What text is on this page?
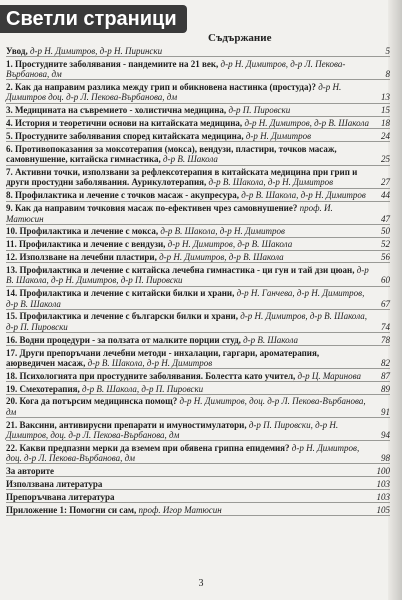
Светли страници
Съдържание
Увод, д-р Н. Димитров, д-р Н. Пирински	5
1. Простудните заболявания - пандемиите на 21 век, д-р Н. Димитров, д-р Л. Пекова-Върбанова, дм	8
2. Как да направим разлика между грип и обикновена настинка (простуда)? д-р Н. Димитров доц. д-р Л. Пекова-Върбанова, дм	13
3. Медицината на съвремието - холистична медицина, д-р П. Пировски	15
4. История и теоретични основи на китайската медицина, д-р Н. Димитров, д-р В. Шакола	18
5. Простудните заболявания според китайската медицина, д-р Н. Димитров	24
6. Противопоказания за моксотерапия (мокса), вендузи, пластири, точков масаж, самовнушение, китайска гимнастика, д-р В. Шакола	25
7. Активни точки, използвани за рефлексотерапия в китайската медицина при грип и други простудни заболявания. Аурикулотерапия, д-р В. Шакола, д-р Н. Димитров	27
8. Профилактика и лечение с точков масаж - акупресура, д-р В. Шакола, д-р Н. Димитров	44
9. Как да направим точковия масаж по-ефективен чрез самовнушение? проф. И. Матюсин	47
10. Профилактика и лечение с мокса, д-р В. Шакола, д-р Н. Димитров	50
11. Профилактика и лечение с вендузи, д-р Н. Димитров, д-р В. Шакола	52
12. Използване на лечебни пластири, д-р Н. Димитров, д-р В. Шакола	56
13. Профилактика и лечение с китайска лечебна гимнастика - ци гун и тай дзи цюан, д-р В. Шакола, д-р Н. Димитров, д-р П. Пировски	60
14. Профилактика и лечение с китайски билки и храни, д-р Н. Ганчева, д-р Н. Димитров, д-р В. Шакола	67
15. Профилактика и лечение с български билки и храни, д-р Н. Димитров, д-р В. Шакола, д-р П. Пировски	74
16. Водни процедури - за ползата от малките порции студ, д-р В. Шакола	78
17. Други препоръчани лечебни методи - инхалации, гаргари, ароматерапия, аюрведичен масаж, д-р В. Шакола, д-р Н. Димитров	82
18. Психологията при простудните заболявания. Болестта като учител, д-р Ц. Маринова	87
19. Смехотерапия, д-р В. Шакола, д-р П. Пировски	89
20. Кога да потърсим медицинска помощ? д-р Н. Димитров, доц. д-р Л. Пекова-Върбанова, дм	91
21. Ваксини, антивирусни препарати и имуностимулатори, д-р П. Пировски, д-р Н. Димитров, доц. д-р Л. Пекова-Върбанова, дм	94
22. Какви предпазни мерки да вземем при обявена грипна епидемия? д-р Н. Димитров, доц. д-р Л. Пекова-Върбанова, дм	98
За авторите	100
Използвана литература	103
Препоръчвана литература	103
Приложение 1: Помогни си сам, проф. Игор Матюсин	105
3
